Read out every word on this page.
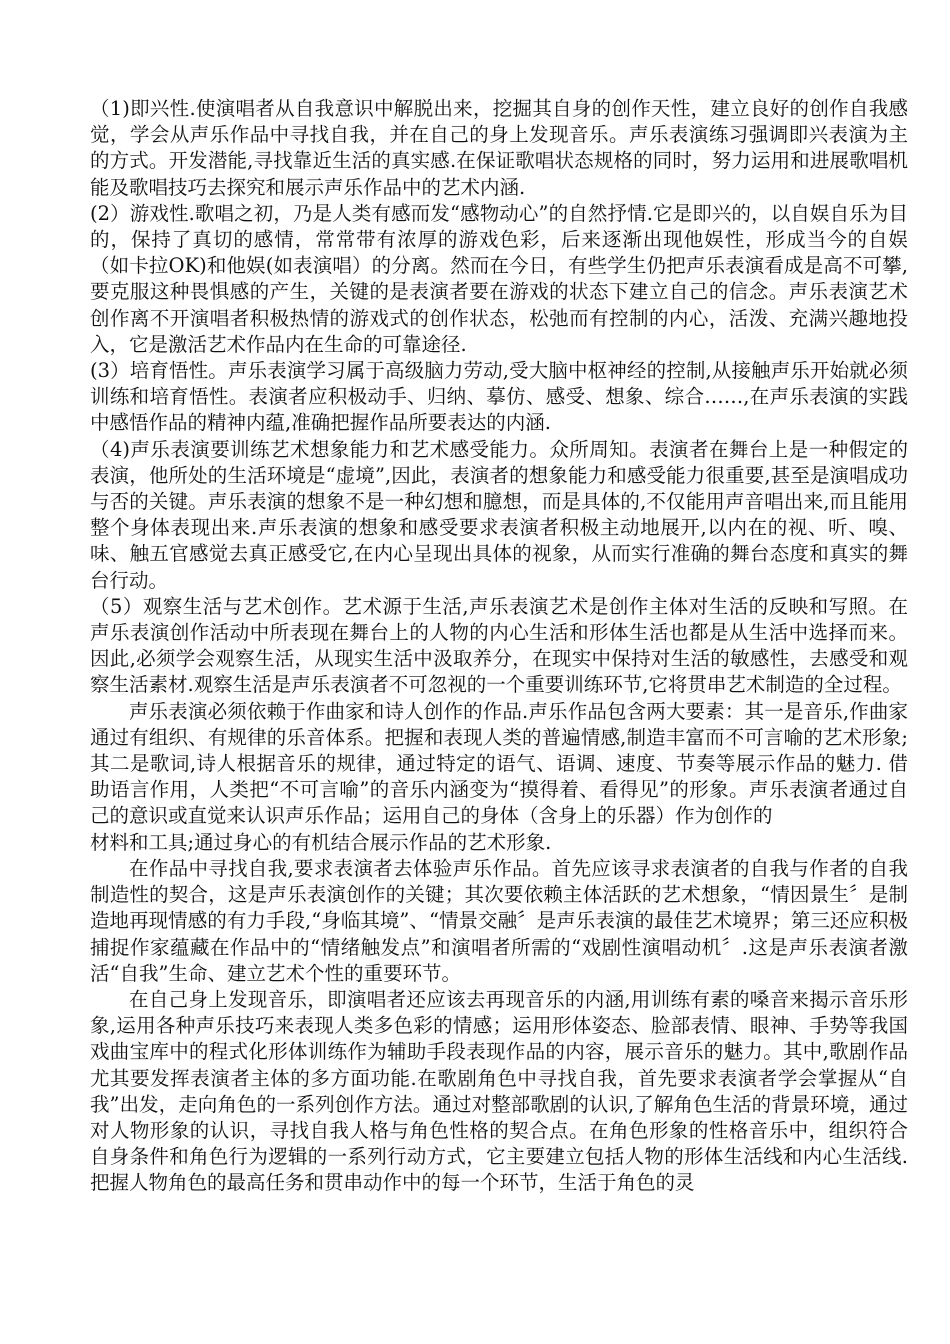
（1)即兴性.使演唱者从自我意识中解脱出来，挖掘其自身的创作天性，建立良好的创作自我感觉，学会从声乐作品中寻找自我，并在自己的身上发现音乐。声乐表演练习强调即兴表演为主的方式。开发潜能,寻找靠近生活的真实感.在保证歌唱状态规格的同时，努力运用和进展歌唱机能及歌唱技巧去探究和展示声乐作品中的艺术内涵.

(2）游戏性.歌唱之初，乃是人类有感而发“感物动心”的自然抒情.它是即兴的，以自娱自乐为目的，保持了真切的感情，常常带有浓厚的游戏色彩，后来逐渐出现他娱性，形成当今的自娱（如卡拉OK)和他娱(如表演唱）的分离。然而在今日，有些学生仍把声乐表演看成是高不可攀,要克服这种畏惧感的产生，关键的是表演者要在游戏的状态下建立自己的信念。声乐表演艺术创作离不开演唱者积极热情的游戏式的创作状态，松弛而有控制的内心，活泼、充满兴趣地投入，它是激活艺术作品内在生命的可靠途径.

(3）培育悟性。声乐表演学习属于高级脑力劳动,受大脑中枢神经的控制,从接触声乐开始就必须训练和培育悟性。表演者应积极动手、归纳、摹仿、感受、想象、综合……,在声乐表演的实践中感悟作品的精神内蕴,准确把握作品所要表达的内涵.

（4)声乐表演要训练艺术想象能力和艺术感受能力。众所周知。表演者在舞台上是一种假定的表演，他所处的生活环境是“虚境”,因此，表演者的想象能力和感受能力很重要,甚至是演唱成功与否的关键。声乐表演的想象不是一种幻想和臆想，而是具体的,不仅能用声音唱出来,而且能用整个身体表现出来.声乐表演的想象和感受要求表演者积极主动地展开,以内在的视、听、嗅、味、触五官感觉去真正感受它,在内心呈现出具体的视象，从而实行准确的舞台态度和真实的舞台行动。

（5）观察生活与艺术创作。艺术源于生活,声乐表演艺术是创作主体对生活的反映和写照。在声乐表演创作活动中所表现在舞台上的人物的内心生活和形体生活也都是从生活中选择而来。因此,必须学会观察生活，从现实生活中汲取养分，在现实中保持对生活的敏感性，去感受和观察生活素材.观察生活是声乐表演者不可忽视的一个重要训练环节,它将贯串艺术制造的全过程。

声乐表演必须依赖于作曲家和诗人创作的作品.声乐作品包含两大要素：其一是音乐,作曲家通过有组织、有规律的乐音体系。把握和表现人类的普遍情感,制造丰富而不可言喻的艺术形象;其二是歌词,诗人根据音乐的规律，通过特定的语气、语调、速度、节奏等展示作品的魅力. 借助语言作用，人类把“不可言喻”的音乐内涵变为“摸得着、看得见”的形象。声乐表演者通过自己的意识或直觉来认识声乐作品；运用自己的身体（含身上的乐器）作为创作的

材料和工具;通过身心的有机结合展示作品的艺术形象.

在作品中寻找自我,要求表演者去体验声乐作品。首先应该寻求表演者的自我与作者的自我制造性的契合，这是声乐表演创作的关键；其次要依赖主体活跃的艺术想象，“情因景生〞是制造地再现情感的有力手段,“身临其境”、“情景交融〞是声乐表演的最佳艺术境界；第三还应积极捕捉作家蕴藏在作品中的“情绪触发点”和演唱者所需的“戏剧性演唱动机〞.这是声乐表演者激活“自我”生命、建立艺术个性的重要环节。

在自己身上发现音乐，即演唱者还应该去再现音乐的内涵,用训练有素的嗓音来揭示音乐形象,运用各种声乐技巧来表现人类多色彩的情感；运用形体姿态、脸部表情、眼神、手势等我国戏曲宝库中的程式化形体训练作为辅助手段表现作品的内容，展示音乐的魅力。其中,歌剧作品尤其要发挥表演者主体的多方面功能.在歌剧角色中寻找自我，首先要求表演者学会掌握从“自我”出发，走向角色的一系列创作方法。通过对整部歌剧的认识,了解角色生活的背景环境，通过对人物形象的认识，寻找自我人格与角色性格的契合点。在角色形象的性格音乐中，组织符合自身条件和角色行为逻辑的一系列行动方式，它主要建立包括人物的形体生活线和内心生活线. 把握人物角色的最高任务和贯串动作中的每一个环节，生活于角色的灵
